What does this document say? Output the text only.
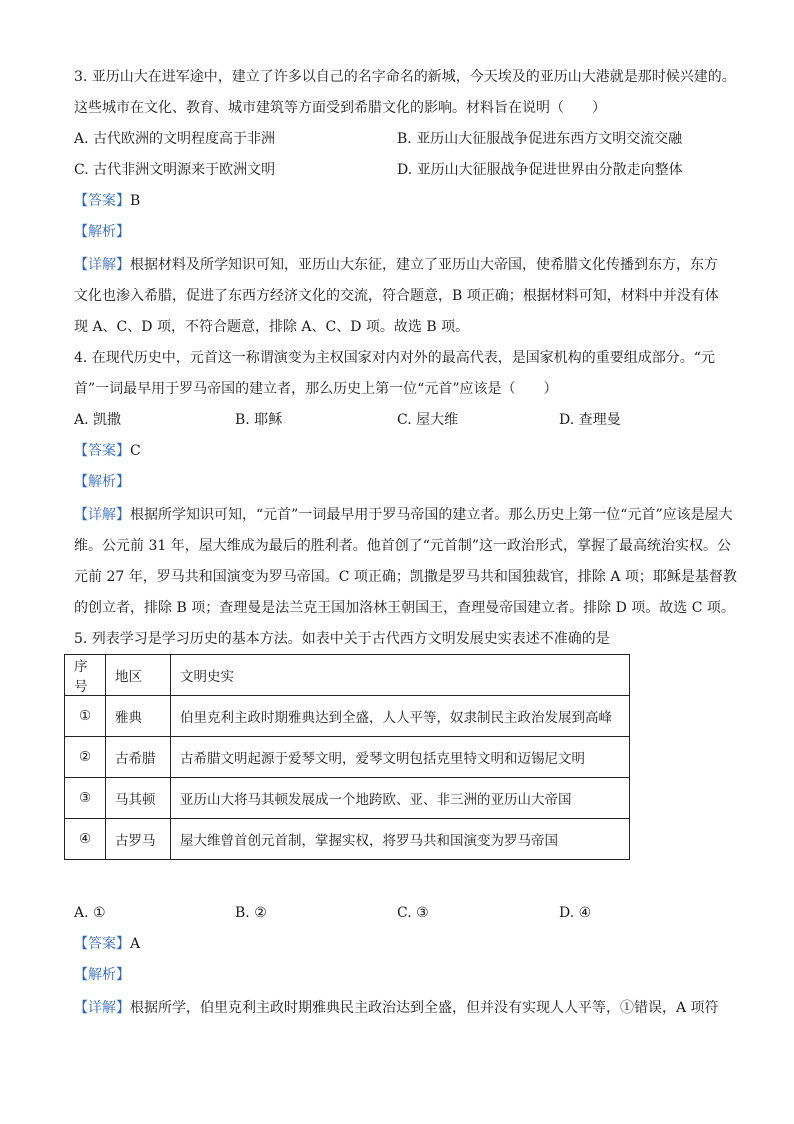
3. 亚历山大在进军途中，建立了许多以自己的名字命名的新城，今天埃及的亚历山大港就是那时候兴建的。
这些城市在文化、教育、城市建筑等方面受到希腊文化的影响。材料旨在说明（　　）
A. 古代欧洲的文明程度高于非洲	B. 亚历山大征服战争促进东西方文明交流交融
C. 古代非洲文明源来于欧洲文明	D. 亚历山大征服战争促进世界由分散走向整体
【答案】B
【解析】
【详解】根据材料及所学知识可知，亚历山大东征，建立了亚历山大帝国，使希腊文化传播到东方，东方
文化也渗入希腊，促进了东西方经济文化的交流，符合题意，B 项正确；根据材料可知，材料中并没有体
现 A、C、D 项，不符合题意，排除 A、C、D 项。故选 B 项。
4. 在现代历史中，元首这一称谓演变为主权国家对内对外的最高代表，是国家机构的重要组成部分。“元
首”一词最早用于罗马帝国的建立者，那么历史上第一位“元首”应该是（　　）
A. 凯撒	B. 耶稣	C. 屋大维	D. 查理曼
【答案】C
【解析】
【详解】根据所学知识可知，“元首”一词最早用于罗马帝国的建立者。那么历史上第一位“元首”应该是屋大
维。公元前 31 年，屋大维成为最后的胜利者。他首创了“元首制”这一政治形式，掌握了最高统治实权。公
元前 27 年，罗马共和国演变为罗马帝国。C 项正确；凯撒是罗马共和国独裁官，排除 A 项；耶稣是基督教
的创立者，排除 B 项；查理曼是法兰克王国加洛林王朝国王，查理曼帝国建立者。排除 D 项。故选 C 项。
5. 列表学习是学习历史的基本方法。如表中关于古代西方文明发展史实表述不准确的是
序号	地区	文明史实
①	雅典	伯里克利主政时期雅典达到全盛，人人平等，奴隶制民主政治发展到高峰
②	古希腊	古希腊文明起源于爱琴文明，爱琴文明包括克里特文明和迈锡尼文明
③	马其顿	亚历山大将马其顿发展成一个地跨欧、亚、非三洲的亚历山大帝国
④	古罗马	屋大维曾首创元首制，掌握实权，将罗马共和国演变为罗马帝国
A. ①	B. ②	C. ③	D. ④
【答案】A
【解析】
【详解】根据所学，伯里克利主政时期雅典民主政治达到全盛，但并没有实现人人平等，①错误，A 项符
